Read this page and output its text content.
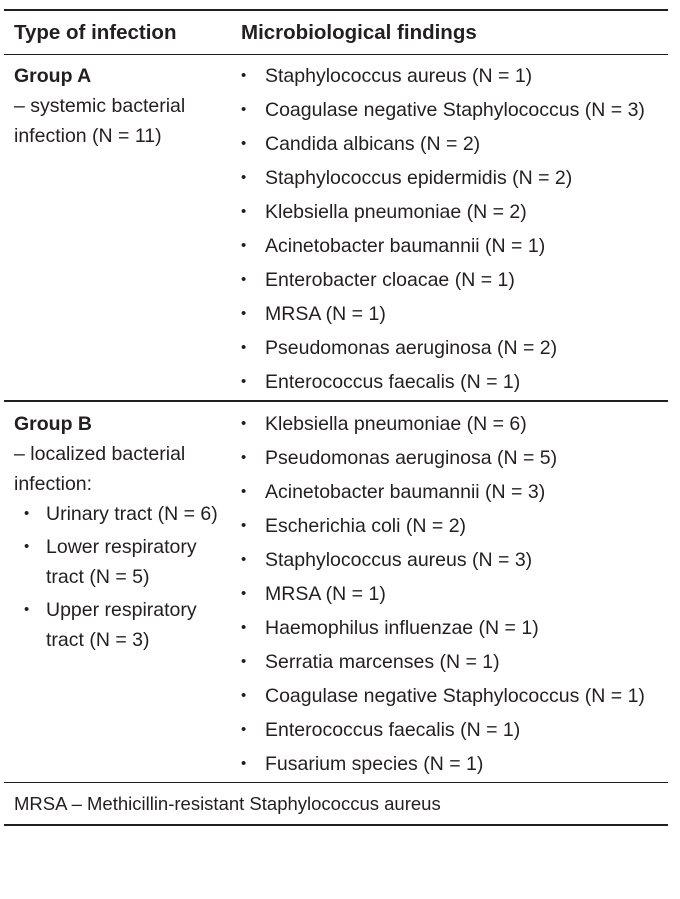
Type of infection	Microbiological findings
Group A
– systemic bacterial infection (N = 11)
• Staphylococcus aureus (N = 1)
• Coagulase negative Staphylococcus (N = 3)
• Candida albicans (N = 2)
• Staphylococcus epidermidis (N = 2)
• Klebsiella pneumoniae (N = 2)
• Acinetobacter baumannii (N = 1)
• Enterobacter cloacae (N = 1)
• MRSA (N = 1)
• Pseudomonas aeruginosa (N = 2)
• Enterococcus faecalis (N = 1)
Group B
– localized bacterial infection:
• Urinary tract (N = 6)
• Lower respiratory tract (N = 5)
• Upper respiratory tract (N = 3)
• Klebsiella pneumoniae (N = 6)
• Pseudomonas aeruginosa (N = 5)
• Acinetobacter baumannii (N = 3)
• Escherichia coli (N = 2)
• Staphylococcus aureus (N = 3)
• MRSA (N = 1)
• Haemophilus influenzae (N = 1)
• Serratia marcenses (N = 1)
• Coagulase negative Staphylococcus (N = 1)
• Enterococcus faecalis (N = 1)
• Fusarium species (N = 1)
MRSA – Methicillin-resistant Staphylococcus aureus
